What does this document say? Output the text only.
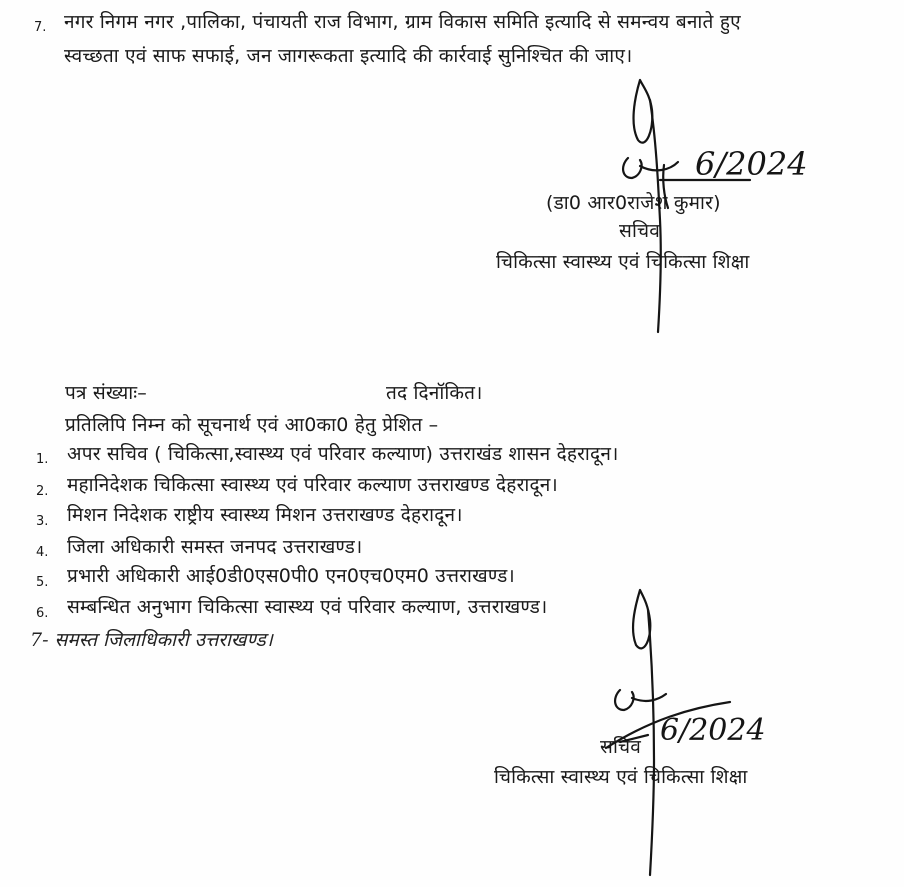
7. नगर निगम नगर ,पालिका, पंचायती राज विभाग, ग्राम विकास समिति इत्यादि से समन्वय बनाते हुए
स्वच्छता एवं साफ सफाई, जन जागरूकता इत्यादि की कार्रवाई सुनिश्चित की जाए।
(डा0 आर0राजेश कुमार)
सचिव
चिकित्सा स्वास्थ्य एवं चिकित्सा शिक्षा
6/2024
पत्र संख्याः–	तद दिनॉकित।
प्रतिलिपि निम्न को सूचनार्थ एवं आ0का0 हेतु प्रेशित –
1. अपर सचिव ( चिकित्सा,स्वास्थ्य एवं परिवार कल्याण) उत्तराखंड शासन देहरादून।
2. महानिदेशक चिकित्सा स्वास्थ्य एवं परिवार कल्याण उत्तराखण्ड देहरादून।
3. मिशन निदेशक राष्ट्रीय स्वास्थ्य मिशन उत्तराखण्ड देहरादून।
4. जिला अधिकारी समस्त जनपद उत्तराखण्ड।
5. प्रभारी अधिकारी आई0डी0एस0पी0 एन0एच0एम0 उत्तराखण्ड।
6. सम्बन्धित अनुभाग चिकित्सा स्वास्थ्य एवं परिवार कल्याण, उत्तराखण्ड।
7- समस्त जिलाधिकारी उत्तराखण्ड।
सचिव
चिकित्सा स्वास्थ्य एवं चिकित्सा शिक्षा
6/2024
